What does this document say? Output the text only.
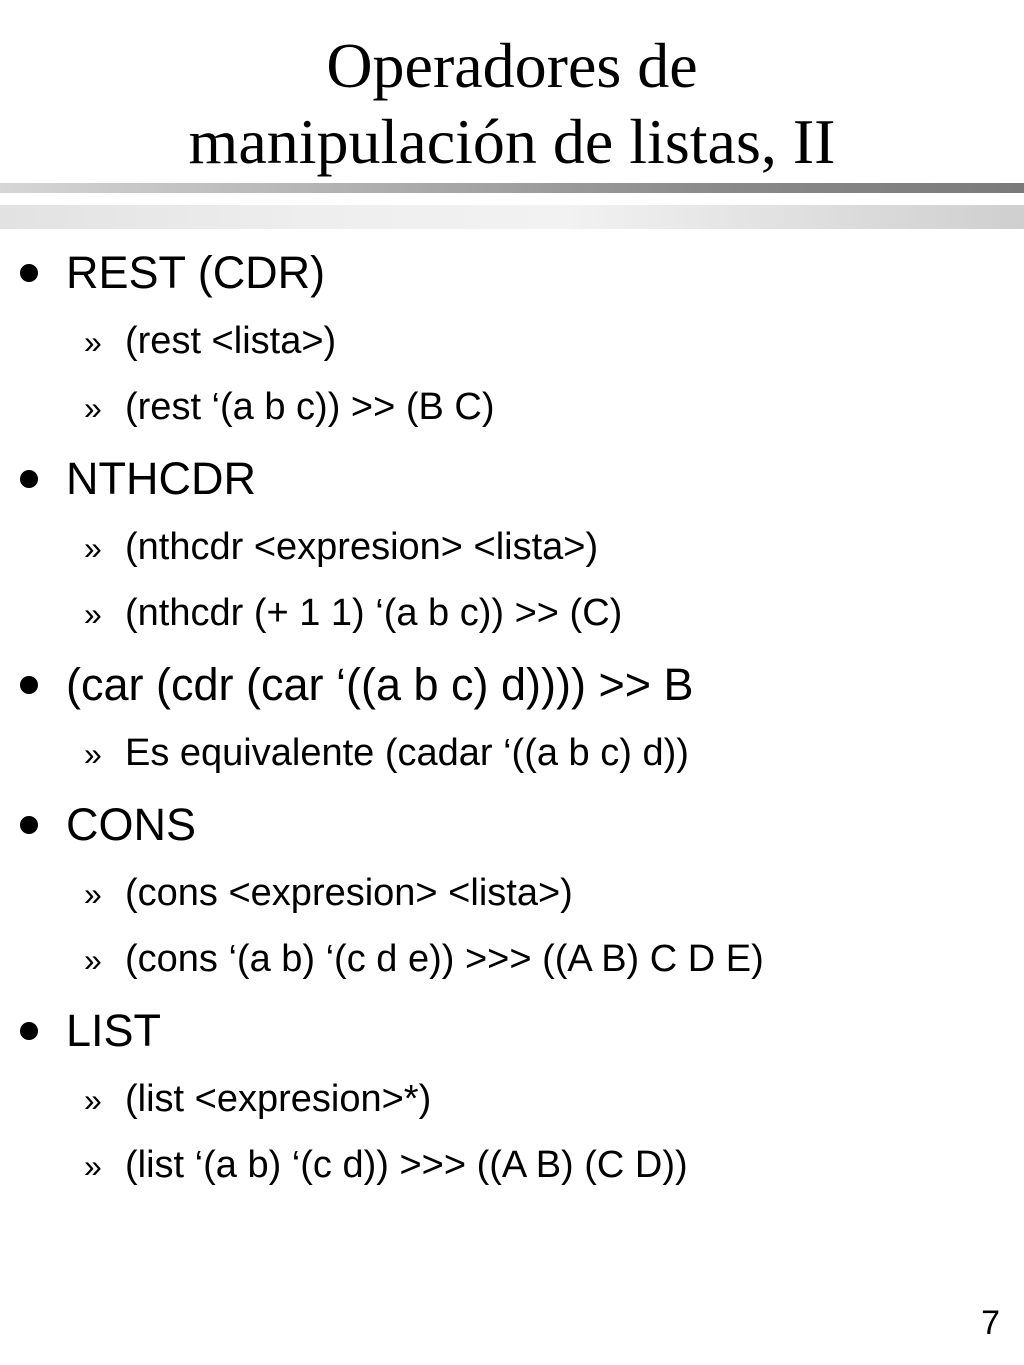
Operadores de
manipulación de listas, II
REST (CDR)
» (rest <lista>)
» (rest ‘(a b c)) >> (B C)
NTHCDR
» (nthcdr <expresion> <lista>)
» (nthcdr (+ 1 1) ‘(a b c)) >> (C)
(car (cdr (car ‘((a b c) d)))) >> B
» Es equivalente (cadar ‘((a b c) d))
CONS
» (cons <expresion> <lista>)
» (cons ‘(a b) ‘(c d e)) >>> ((A B) C D E)
LIST
» (list <expresion>*)
» (list ‘(a b) ‘(c d)) >>> ((A B) (C D))
7
